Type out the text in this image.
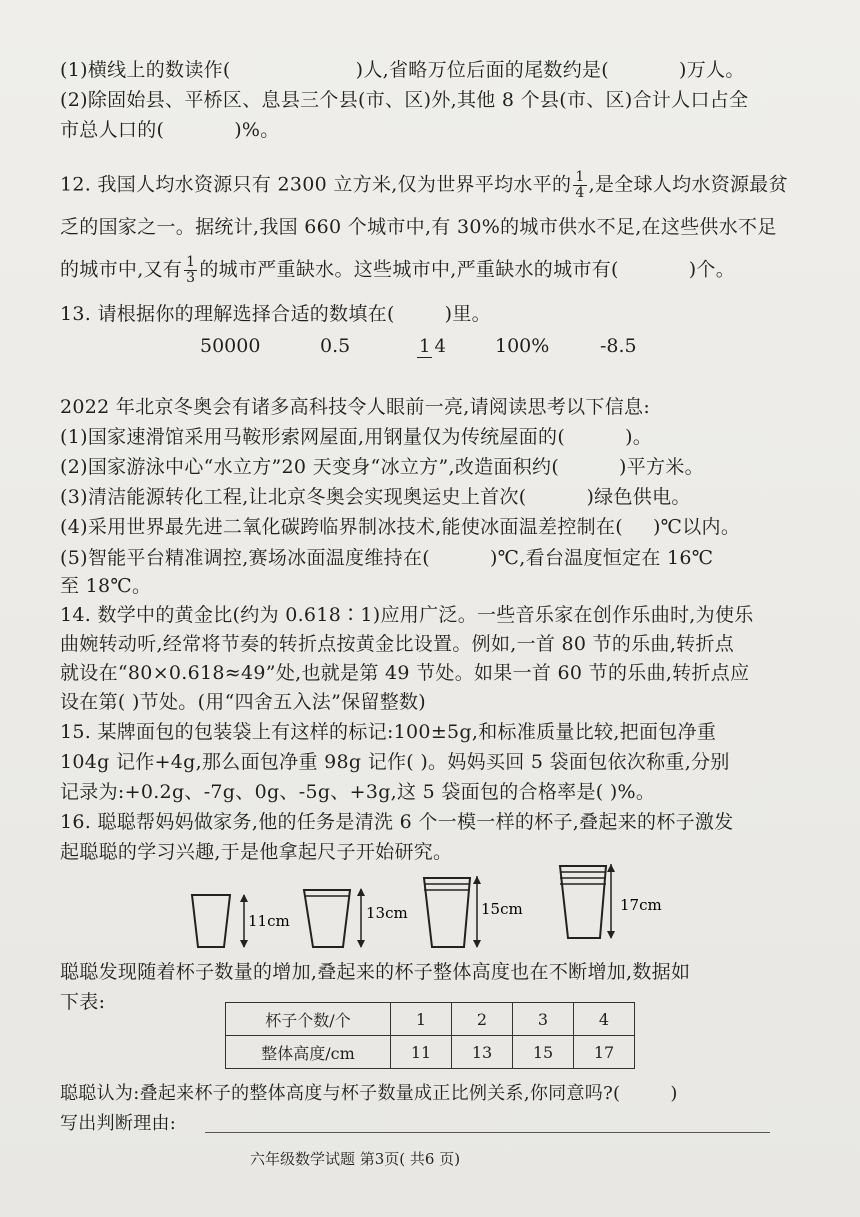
(1)横线上的数读作(	)人,省略万位后面的尾数约是(	)万人。
(2)除固始县、平桥区、息县三个县(市、区)外,其他 8 个县(市、区)合计人口占全
市总人口的(	)%。
12. 我国人均水资源只有 2300 立方米,仅为世界平均水平的 $\frac{1}{4}$ ,是全球人均水资源最贫
乏的国家之一。据统计,我国 660 个城市中,有 30%的城市供水不足,在这些供水不足
的城市中,又有 $\frac{1}{3}$ 的城市严重缺水。这些城市中,严重缺水的城市有(	)个。
13. 请根据你的理解选择合适的数填在(	)里。
50000	0.5	1 4	100%	-8.5
2022 年北京冬奥会有诸多高科技令人眼前一亮,请阅读思考以下信息:
(1)国家速滑馆采用马鞍形索网屋面,用钢量仅为传统屋面的(	)。
(2)国家游泳中心“水立方”20 天变身“冰立方”,改造面积约(	)平方米。
(3)清洁能源转化工程,让北京冬奥会实现奥运史上首次(	)绿色供电。
(4)采用世界最先进二氧化碳跨临界制冰技术,能使冰面温差控制在( )℃以内。
(5)智能平台精准调控,赛场冰面温度维持在(	)℃,看台温度恒定在 16℃
至 18℃。
14. 数学中的黄金比(约为 0.618∶1)应用广泛。一些音乐家在创作乐曲时,为使乐
曲婉转动听,经常将节奏的转折点按黄金比设置。例如,一首 80 节的乐曲,转折点
就设在“80×0.618≈49”处,也就是第 49 节处。如果一首 60 节的乐曲,转折点应
设在第( )节处。(用“四舍五入法”保留整数)
15. 某牌面包的包装袋上有这样的标记:100±5g,和标准质量比较,把面包净重
104g 记作+4g,那么面包净重 98g 记作( )。妈妈买回 5 袋面包依次称重,分别
记录为:+0.2g、-7g、0g、-5g、+3g,这 5 袋面包的合格率是( )%。
16. 聪聪帮妈妈做家务,他的任务是清洗 6 个一模一样的杯子,叠起来的杯子激发
起聪聪的学习兴趣,于是他拿起尺子开始研究。
11cm	13cm	15cm	17cm
聪聪发现随着杯子数量的增加,叠起来的杯子整体高度也在不断增加,数据如
下表:
杯子个数/个	1	2	3	4
整体高度/cm	11	13	15	17
聪聪认为:叠起来杯子的整体高度与杯子数量成正比例关系,你同意吗?(	)
写出判断理由:
六年级数学试题 第3页( 共6 页)
